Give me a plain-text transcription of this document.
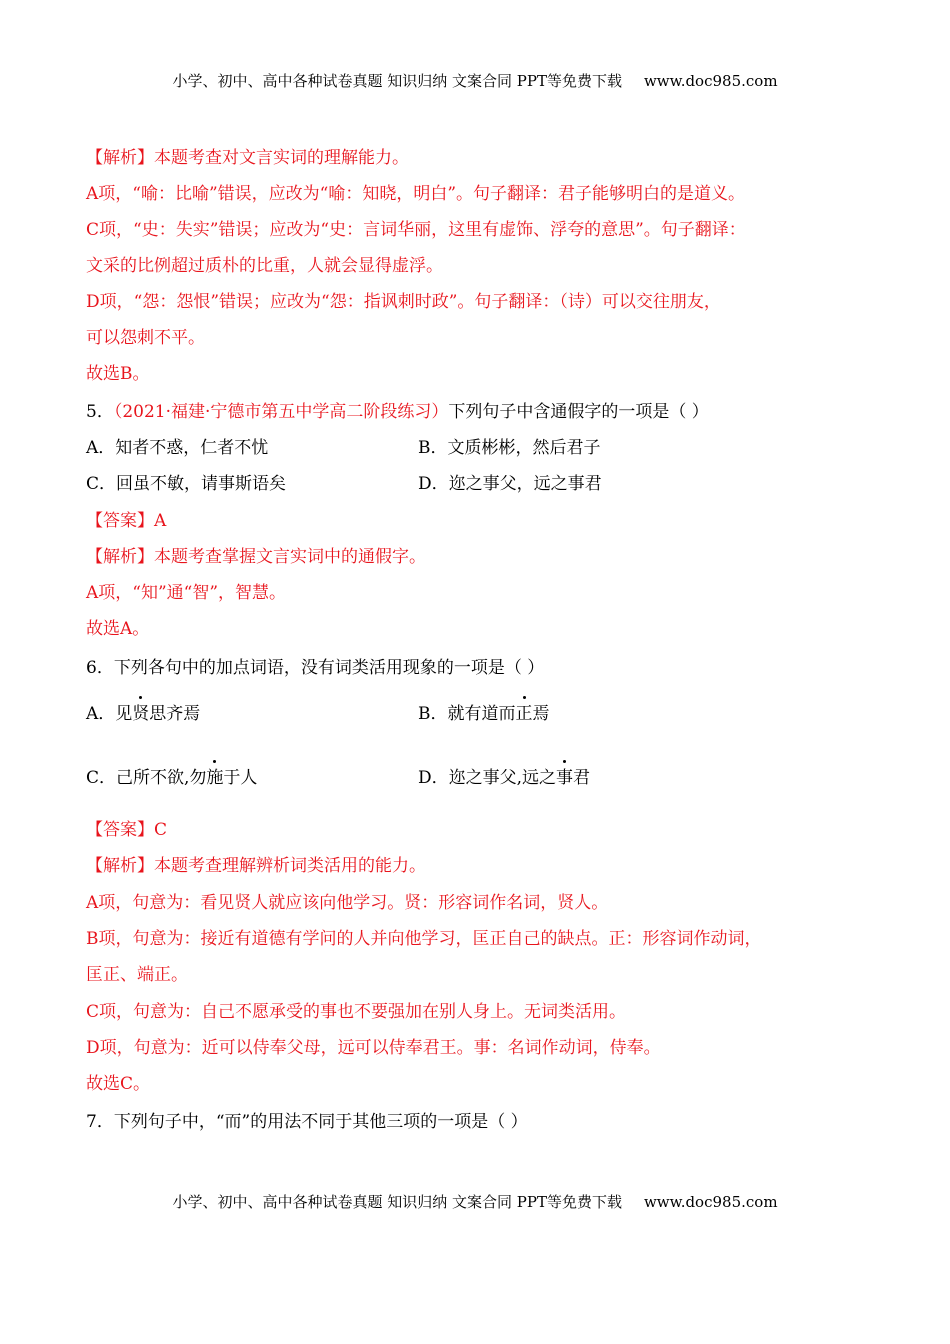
小学、初中、高中各种试卷真题 知识归纳 文案合同 PPT等免费下载 www.doc985.com
【解析】本题考查对文言实词的理解能力。
A项，“喻：比喻”错误，应改为“喻：知晓，明白”。句子翻译：君子能够明白的是道义。
C项，“史：失实”错误；应改为“史：言词华丽，这里有虚饰、浮夸的意思”。句子翻译：
文采的比例超过质朴的比重，人就会显得虚浮。
D项，“怨：怨恨”错误；应改为“怨：指讽刺时政”。句子翻译：（诗）可以交往朋友，
可以怨刺不平。
故选B。
5．（2021·福建·宁德市第五中学高二阶段练习）下列句子中含通假字的一项是（ ）
A．知者不惑，仁者不忧	B．文质彬彬，然后君子
C．回虽不敏，请事斯语矣	D．迩之事父，远之事君
【答案】A
【解析】本题考查掌握文言实词中的通假字。
A项，“知”通“智”，智慧。
故选A。
6．下列各句中的加点词语，没有词类活用现象的一项是（ ）
A．见贤思齐焉	B．就有道而正焉
C．己所不欲,勿施于人	D．迩之事父,远之事君
【答案】C
【解析】本题考查理解辨析词类活用的能力。
A项，句意为：看见贤人就应该向他学习。贤：形容词作名词，贤人。
B项，句意为：接近有道德有学问的人并向他学习，匡正自己的缺点。正：形容词作动词，
匡正、端正。
C项，句意为：自己不愿承受的事也不要强加在别人身上。无词类活用。
D项，句意为：近可以侍奉父母，远可以侍奉君王。事：名词作动词，侍奉。
故选C。
7．下列句子中，“而”的用法不同于其他三项的一项是（ ）
小学、初中、高中各种试卷真题 知识归纳 文案合同 PPT等免费下载 www.doc985.com
